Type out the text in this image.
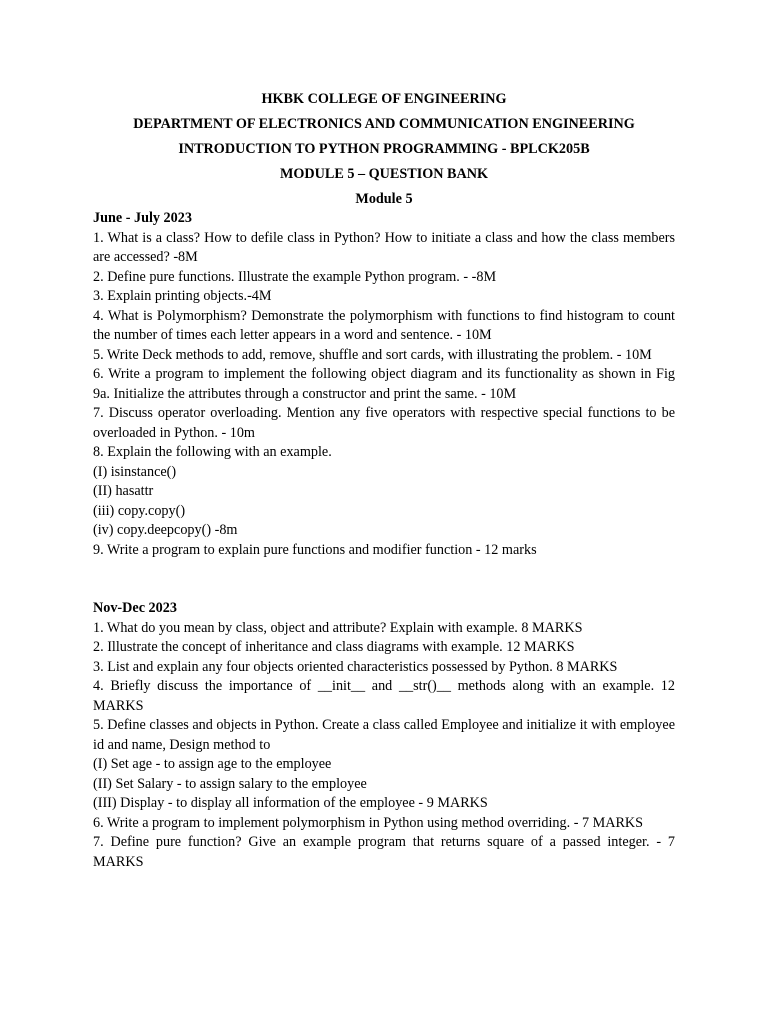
HKBK COLLEGE OF ENGINEERING

DEPARTMENT OF ELECTRONICS AND COMMUNICATION ENGINEERING

INTRODUCTION TO PYTHON PROGRAMMING - BPLCK205B

MODULE 5 – QUESTION BANK

Module 5

June - July 2023

1. What is a class? How to defile class in Python? How to initiate a class and how the class members are accessed? -8M

2. Define pure functions. Illustrate the example Python program. - -8M

3. Explain printing objects.-4M

4. What is Polymorphism? Demonstrate the polymorphism with functions to find histogram to count the number of times each letter appears in a word and sentence. - 10M

5. Write Deck methods to add, remove, shuffle and sort cards, with illustrating the problem. - 10M

6. Write a program to implement the following object diagram and its functionality as shown in Fig 9a. Initialize the attributes through a constructor and print the same. - 10M

7. Discuss operator overloading. Mention any five operators with respective special functions to be overloaded in Python. - 10m

8. Explain the following with an example.

(I) isinstance()

(II) hasattr

(iii) copy.copy()

(iv) copy.deepcopy() -8m

9. Write a program to explain pure functions and modifier function - 12 marks

Nov-Dec 2023

1. What do you mean by class, object and attribute? Explain with example. 8 MARKS

2. Illustrate the concept of inheritance and class diagrams with example. 12 MARKS

3. List and explain any four objects oriented characteristics possessed by Python. 8 MARKS

4. Briefly discuss the importance of __init__ and __str()__ methods along with an example. 12 MARKS

5. Define classes and objects in Python. Create a class called Employee and initialize it with employee id and name, Design method to

(I) Set age - to assign age to the employee

(II) Set Salary - to assign salary to the employee

(III) Display - to display all information of the employee - 9 MARKS

6. Write a program to implement polymorphism in Python using method overriding. - 7 MARKS

7. Define pure function? Give an example program that returns square of a passed integer. - 7 MARKS
